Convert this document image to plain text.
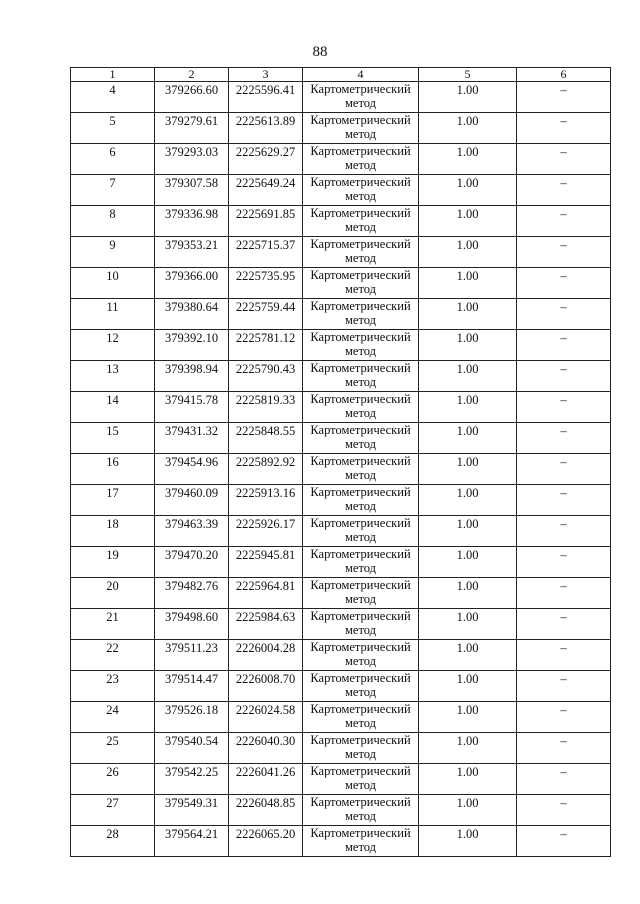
88
1	2	3	4	5	6
4	379266.60	2225596.41	Картометрический метод	1.00	–
5	379279.61	2225613.89	Картометрический метод	1.00	–
6	379293.03	2225629.27	Картометрический метод	1.00	–
7	379307.58	2225649.24	Картометрический метод	1.00	–
8	379336.98	2225691.85	Картометрический метод	1.00	–
9	379353.21	2225715.37	Картометрический метод	1.00	–
10	379366.00	2225735.95	Картометрический метод	1.00	–
11	379380.64	2225759.44	Картометрический метод	1.00	–
12	379392.10	2225781.12	Картометрический метод	1.00	–
13	379398.94	2225790.43	Картометрический метод	1.00	–
14	379415.78	2225819.33	Картометрический метод	1.00	–
15	379431.32	2225848.55	Картометрический метод	1.00	–
16	379454.96	2225892.92	Картометрический метод	1.00	–
17	379460.09	2225913.16	Картометрический метод	1.00	–
18	379463.39	2225926.17	Картометрический метод	1.00	–
19	379470.20	2225945.81	Картометрический метод	1.00	–
20	379482.76	2225964.81	Картометрический метод	1.00	–
21	379498.60	2225984.63	Картометрический метод	1.00	–
22	379511.23	2226004.28	Картометрический метод	1.00	–
23	379514.47	2226008.70	Картометрический метод	1.00	–
24	379526.18	2226024.58	Картометрический метод	1.00	–
25	379540.54	2226040.30	Картометрический метод	1.00	–
26	379542.25	2226041.26	Картометрический метод	1.00	–
27	379549.31	2226048.85	Картометрический метод	1.00	–
28	379564.21	2226065.20	Картометрический метод	1.00	–
